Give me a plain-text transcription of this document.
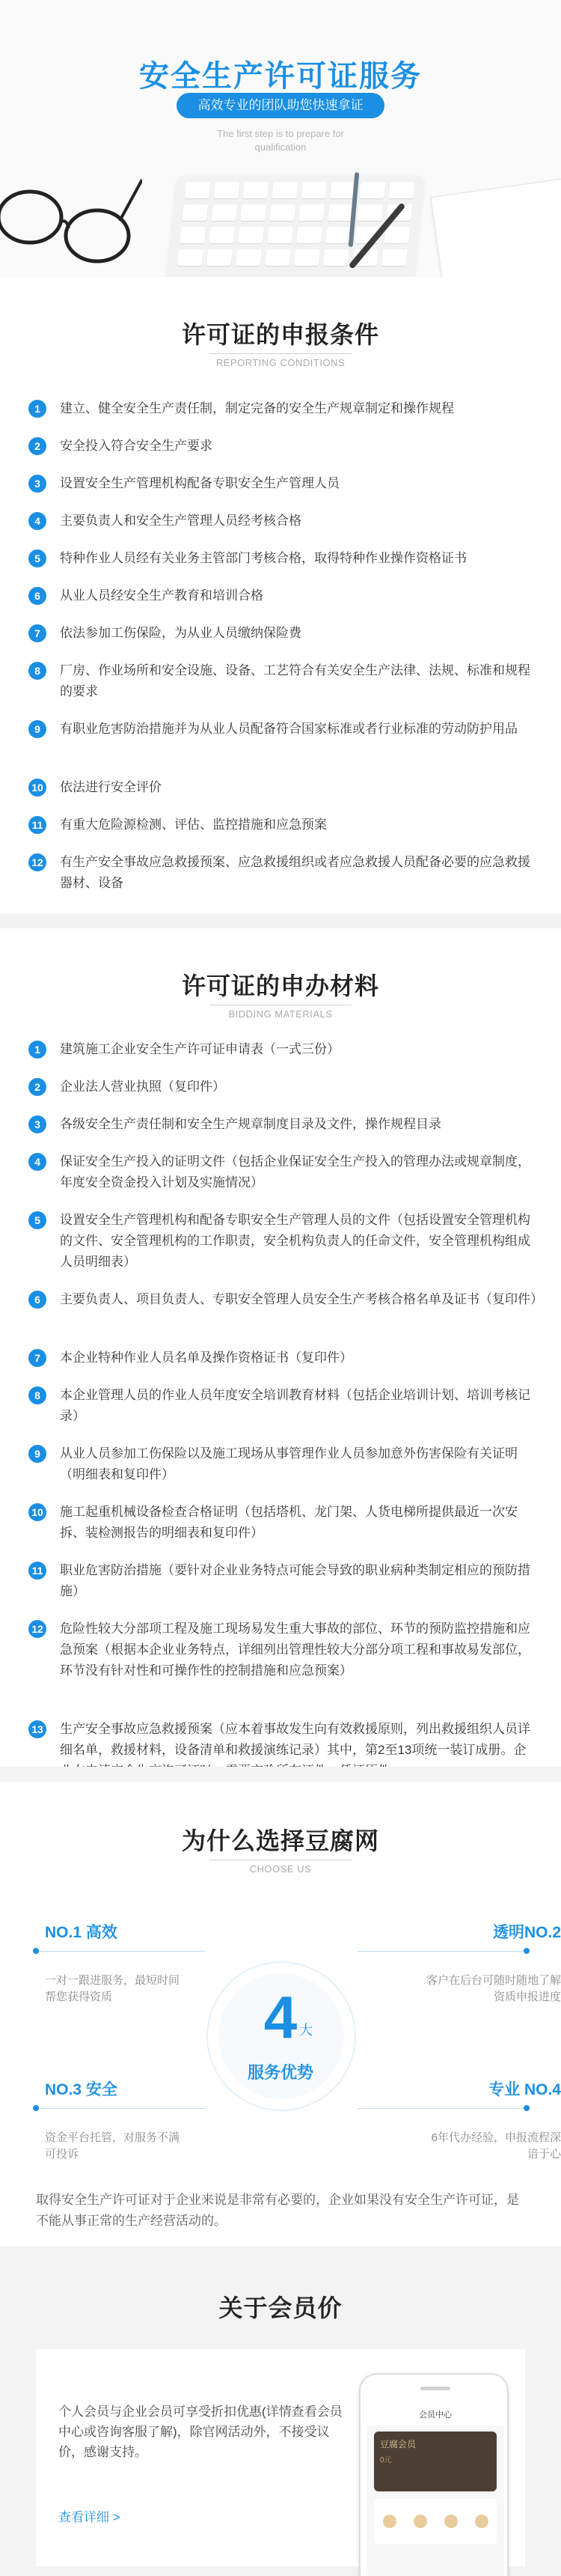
安全生产许可证服务
高效专业的团队助您快速拿证
The first step is to prepare for
qualification
许可证的申报条件
REPORTING CONDITIONS
1	建立、健全安全生产责任制，制定完备的安全生产规章制定和操作规程
2	安全投入符合安全生产要求
3	设置安全生产管理机构配备专职安全生产管理人员
4	主要负责人和安全生产管理人员经考核合格
5	特种作业人员经有关业务主管部门考核合格，取得特种作业操作资格证书
6	从业人员经安全生产教育和培训合格
7	依法参加工伤保险，为从业人员缴纳保险费
8	厂房、作业场所和安全设施、设备、工艺符合有关安全生产法律、法规、标准和规程的要求
9	有职业危害防治措施并为从业人员配备符合国家标准或者行业标准的劳动防护用品
10 依法进行安全评价
11 有重大危险源检测、评估、监控措施和应急预案
12 有生产安全事故应急救援预案、应急救援组织或者应急救援人员配备必要的应急救援器材、设备
许可证的申办材料
BIDDING MATERIALS
1	建筑施工企业安全生产许可证申请表（一式三份）
2	企业法人营业执照（复印件）
3	各级安全生产责任制和安全生产规章制度目录及文件，操作规程目录
4	保证安全生产投入的证明文件（包括企业保证安全生产投入的管理办法或规章制度，年度安全资金投入计划及实施情况）
5	设置安全生产管理机构和配备专职安全生产管理人员的文件（包括设置安全管理机构的文件、安全管理机构的工作职责，安全机构负责人的任命文件，安全管理机构组成人员明细表）
6	主要负责人、项目负责人、专职安全管理人员安全生产考核合格名单及证书（复印件）
7	本企业特种作业人员名单及操作资格证书（复印件）
8	本企业管理人员的作业人员年度安全培训教育材料（包括企业培训计划、培训考核记录）
9	从业人员参加工伤保险以及施工现场从事管理作业人员参加意外伤害保险有关证明（明细表和复印件）
10 施工起重机械设备检查合格证明（包括塔机、龙门架、人货电梯所提供最近一次安拆、装检测报告的明细表和复印件）
11 职业危害防治措施（要针对企业业务特点可能会导致的职业病种类制定相应的预防措施）
12 危险性较大分部项工程及施工现场易发生重大事故的部位、环节的预防监控措施和应急预案（根据本企业业务特点，详细列出管理性较大分部分项工程和事故易发部位，环节没有针对性和可操作性的控制措施和应急预案）
13 生产安全事故应急救援预案（应本着事故发生向有效救援原则，列出救援组织人员详细名单，救援材料，设备清单和救援演练记录）其中，第2至13项统一装订成册。企
为什么选择豆腐网
CHOOSE US
4 大
服务优势
NO.1 高效
一对一跟进服务，最短时间帮您获得资质
透明NO.2
客户在后台可随时随地了解资质申报进度
NO.3 安全
资金平台托管，对服务不满可投诉
专业 NO.4
6年代办经验，申报流程深谙于心
取得安全生产许可证对于企业来说是非常有必要的，企业如果没有安全生产许可证，是不能从事正常的生产经营活动的。
关于会员价
个人会员与企业会员可享受折扣优惠(详情查看会员中心或咨询客服了解)，除官网活动外，不接受议价，感谢支持。
查看详细 >
会员中心
豆腐会员
0元
